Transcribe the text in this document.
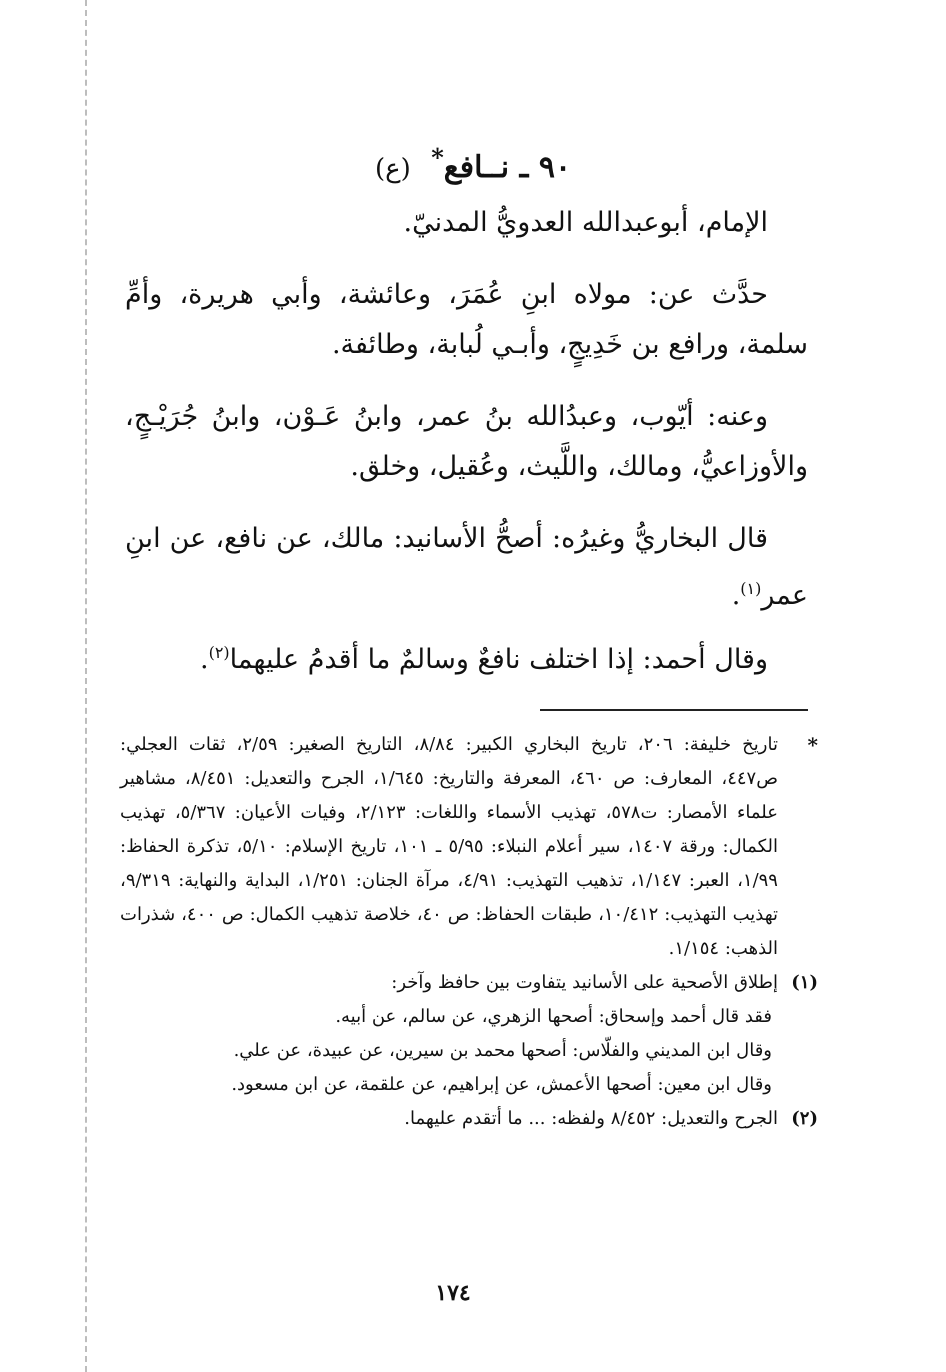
٩٠ ـ نــافع* (ع)

الإمام، أبوعبدالله العدويُّ المدنيّ.

حدَّث عن: مولاه ابنِ عُمَرَ، وعائشة، وأبي هريرة، وأمِّ سلمة، ورافع بن خَدِيجٍ، وأبـي لُبابة، وطائفة.

وعنه: أيّوب، وعبدُالله بنُ عمر، وابنُ عَـوْن، وابنُ جُرَيْـجٍ، والأوزاعيُّ، ومالك، واللَّيث، وعُقيل، وخلق.

قال البخاريُّ وغيرُه: أصحُّ الأسانيد: مالك، عن نافع، عن ابنِ عمر$^{(١)}$.

وقال أحمد: إذا اختلف نافعٌ وسالمٌ ما أقدمُ عليهما$^{(٢)}$.

*
تاريخ خليفة: ٢٠٦، تاريخ البخاري الكبير: ٨/٨٤، التاريخ الصغير: ٢/٥٩، ثقات العجلي: ص٤٤٧، المعارف: ص ٤٦٠، المعرفة والتاريخ: ١/٦٤٥، الجرح والتعديل: ٨/٤٥١، مشاهير علماء الأمصار: ت٥٧٨، تهذيب الأسماء واللغات: ٢/١٢٣، وفيات الأعيان: ٥/٣٦٧، تهذيب الكمال: ورقة ١٤٠٧، سير أعلام النبلاء: ٥/٩٥ ـ ١٠١، تاريخ الإسلام: ٥/١٠، تذكرة الحفاظ: ١/٩٩، العبر: ١/١٤٧، تذهيب التهذيب: ٤/٩١، مرآة الجنان: ١/٢٥١، البداية والنهاية: ٩/٣١٩، تهذيب التهذيب: ١٠/٤١٢، طبقات الحفاظ: ص ٤٠، خلاصة تذهيب الكمال: ص ٤٠٠، شذرات الذهب: ١/١٥٤.
(١)
إطلاق الأصحية على الأسانيد يتفاوت بين حافظ وآخر:
فقد قال أحمد وإسحاق: أصحها الزهري، عن سالم، عن أبيه.
وقال ابن المديني والفلّاس: أصحها محمد بن سيرين، عن عبيدة، عن علي.
وقال ابن معين: أصحها الأعمش، عن إبراهيم، عن علقمة، عن ابن مسعود.
(٢)
الجرح والتعديل: ٨/٤٥٢ ولفظه: ... ما أتقدم عليهما.
١٧٤
